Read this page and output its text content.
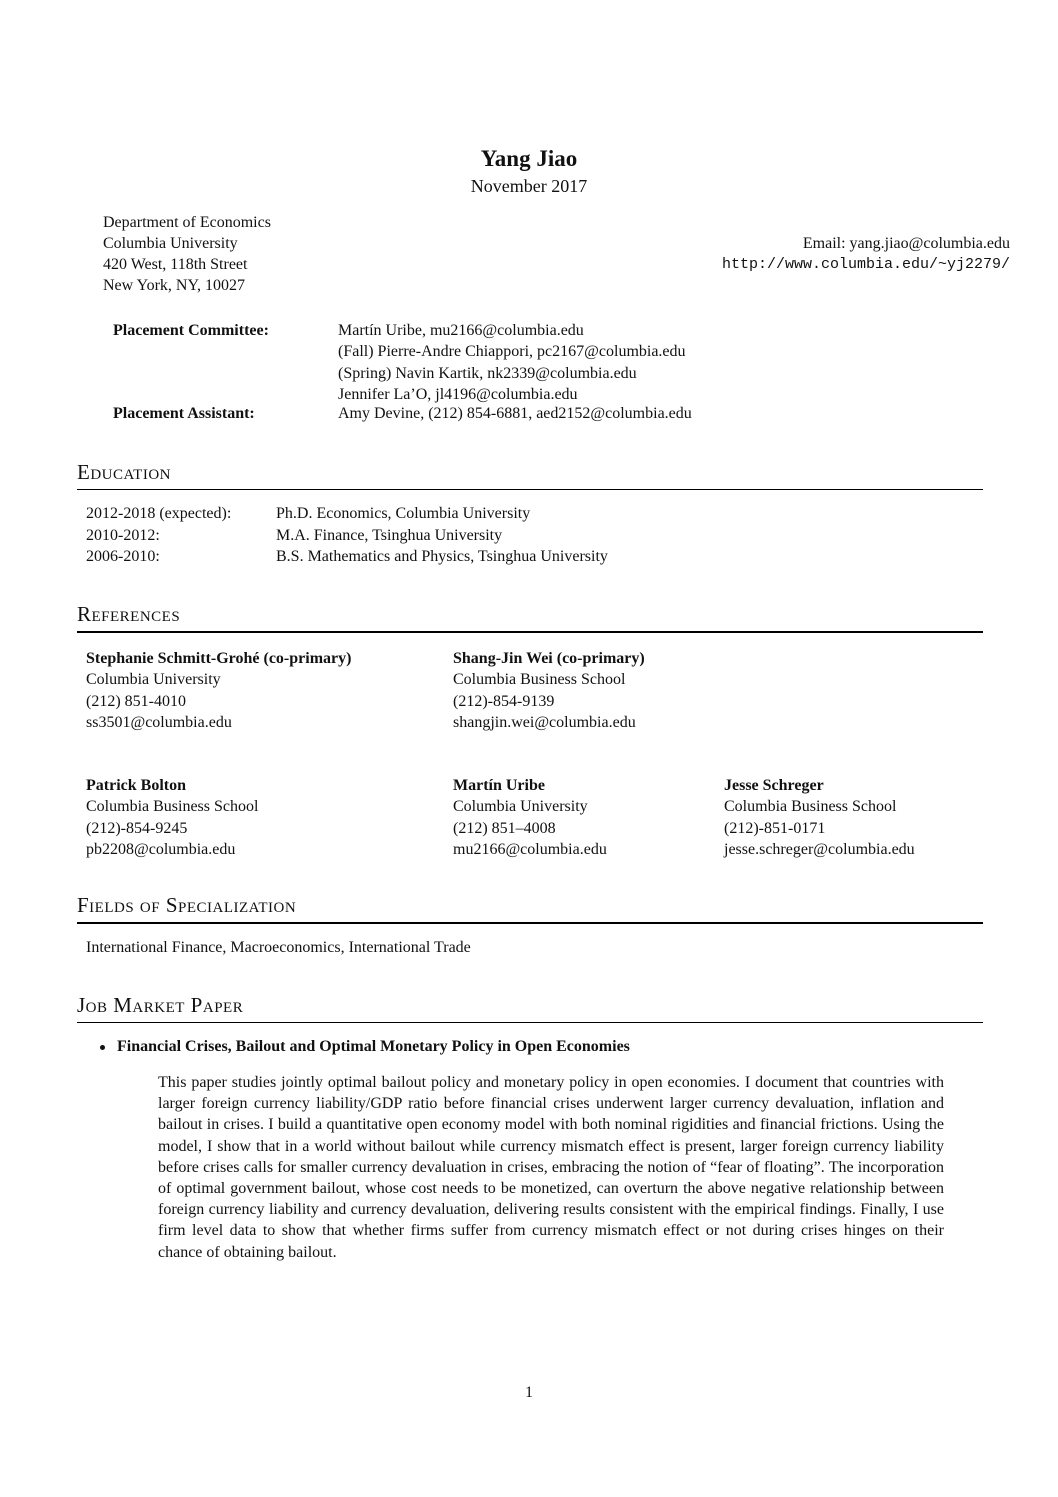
Yang Jiao
November 2017
Department of Economics
Columbia University
420 West, 118th Street
New York, NY, 10027
Email: yang.jiao@columbia.edu
http://www.columbia.edu/~yj2279/
Placement Committee:	Martín Uribe, mu2166@columbia.edu
(Fall) Pierre-Andre Chiappori, pc2167@columbia.edu
(Spring) Navin Kartik, nk2339@columbia.edu
Jennifer La’O, jl4196@columbia.edu
Placement Assistant:	Amy Devine, (212) 854-6881, aed2152@columbia.edu
Education
2012-2018 (expected):	Ph.D. Economics, Columbia University
2010-2012:	M.A. Finance, Tsinghua University
2006-2010:	B.S. Mathematics and Physics, Tsinghua University
References
Stephanie Schmitt-Grohé (co-primary)
Columbia University
(212) 851-4010
ss3501@columbia.edu
Shang-Jin Wei (co-primary)
Columbia Business School
(212)-854-9139
shangjin.wei@columbia.edu
Patrick Bolton
Columbia Business School
(212)-854-9245
pb2208@columbia.edu
Martín Uribe
Columbia University
(212) 851–4008
mu2166@columbia.edu
Jesse Schreger
Columbia Business School
(212)-851-0171
jesse.schreger@columbia.edu
Fields of Specialization
International Finance, Macroeconomics, International Trade
Job Market Paper
Financial Crises, Bailout and Optimal Monetary Policy in Open Economies
This paper studies jointly optimal bailout policy and monetary policy in open economies. I document that countries with larger foreign currency liability/GDP ratio before financial crises underwent larger currency devaluation, inflation and bailout in crises. I build a quantitative open economy model with both nominal rigidities and financial frictions. Using the model, I show that in a world without bailout while currency mismatch effect is present, larger foreign currency liability before crises calls for smaller currency devaluation in crises, embracing the notion of “fear of floating”. The incorporation of optimal government bailout, whose cost needs to be monetized, can overturn the above negative relationship between foreign currency liability and currency devaluation, delivering results consistent with the empirical findings. Finally, I use firm level data to show that whether firms suffer from currency mismatch effect or not during crises hinges on their chance of obtaining bailout.
1
